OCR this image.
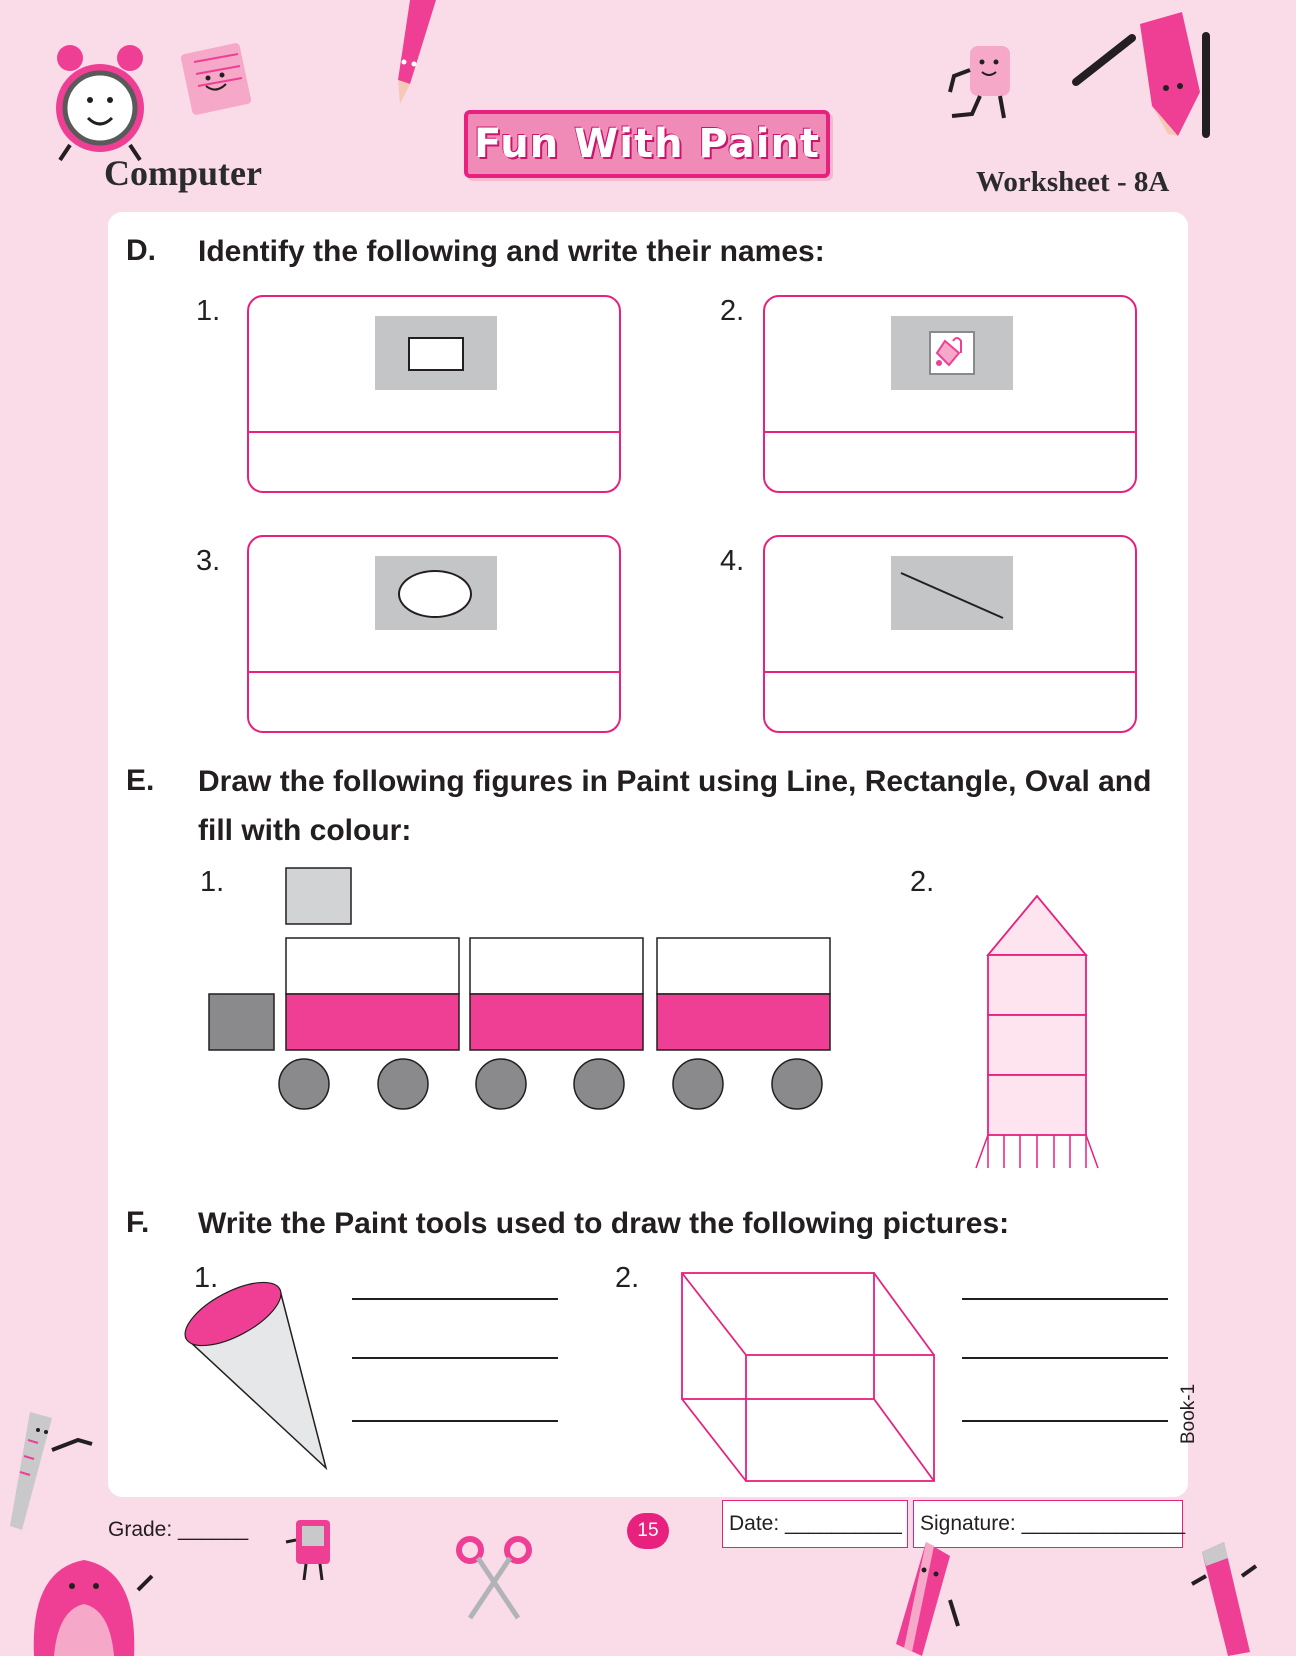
Computer
Fun With Paint
Worksheet - 8A
D. Identify the following and write their names:
1.	2.
3.	4.
E. Draw the following figures in Paint using Line, Rectangle, Oval and
fill with colour:
1.	2.
F. Write the Paint tools used to draw the following pictures:
1.	2.
Book-1
Grade: ______	15	Date:
__________ Signature:
______________
